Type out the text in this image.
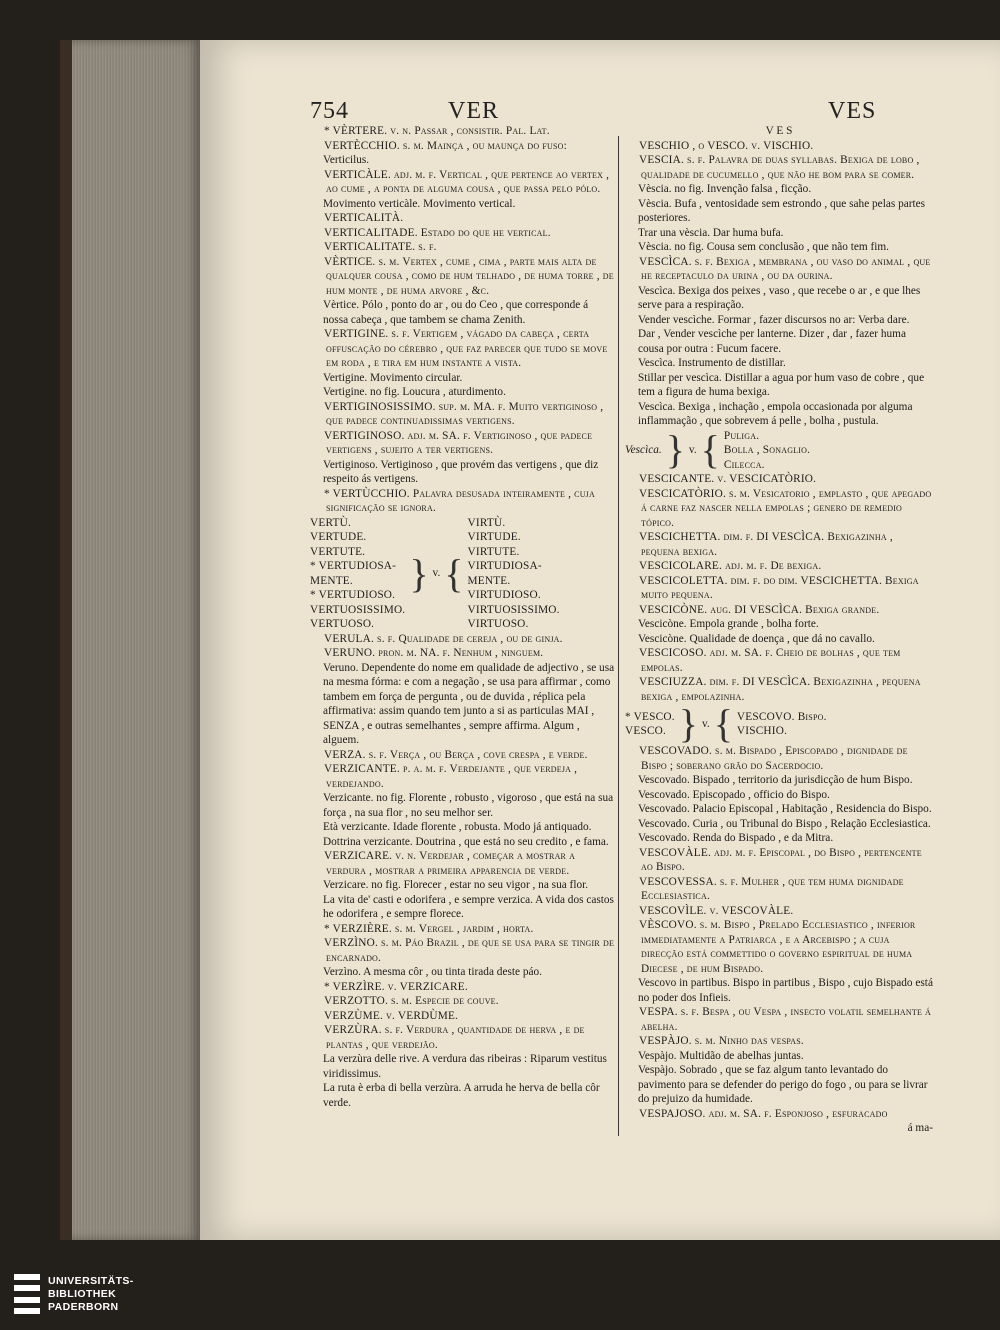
754	VER	VES

* VÈRTERE. v. n. Passar , consistir. Pal. Lat.

VERTÈCCHIO. s. m. Mainça , ou maunça do fuso:

Verticilus.

VERTICÀLE. adj. m. f. Vertical , que pertence ao vertex , ao cume , a ponta de alguma cousa , que passa pelo pólo.

Movimento verticàle. Movimento vertical.

VERTICALITÀ.

VERTICALITADE. Estado do que he vertical.

VERTICALITATE. s. f.

VÈRTICE. s. m. Vertex , cume , cima , parte mais alta de qualquer cousa , como de hum telhado , de huma torre , de hum monte , de huma arvore , &c.

Vèrtice. Pólo , ponto do ar , ou do Ceo , que corresponde á nossa cabeça , que tambem se chama Zenith.

VERTIGINE. s. f. Vertigem , vágado da cabeça , certa offuscação do cérebro , que faz parecer que tudo se move em roda , e tira em hum instante a vista.

Vertigine. Movimento circular.

Vertigine. no fig. Loucura , aturdimento.

VERTIGINOSISSIMO. sup. m. MA. f. Muito vertiginoso , que padece continuadissimas vertigens.

VERTIGINOSO. adj. m. SA. f. Vertiginoso , que padece vertigens , sujeito a ter vertigens.

Vertiginoso. Vertiginoso , que provém das vertigens , que diz respeito ás vertigens.

* VERTÙCCHIO. Palavra desusada inteiramente , cuja significação se ignora.

VERTÙ.
VERTUDE.
VERTUTE.
* VERTUDIOSA-
MENTE.
* VERTUDIOSO.
VERTUOSISSIMO.
VERTUOSO.
} v. {
VIRTÙ.
VIRTUDE.
VIRTUTE.
VIRTUDIOSA-
MENTE.
VIRTUDIOSO.
VIRTUOSISSIMO.
VIRTUOSO.

VERULA. s. f. Qualidade de cereja , ou de ginja.

VERUNO. pron. m. NA. f. Nenhum , ninguem.

Veruno. Dependente do nome em qualidade de adjectivo , se usa na mesma fórma: e com a negação , se usa para affirmar , como tambem em força de pergunta , ou de duvida , réplica pela affirmativa: assim quando tem junto a si as particulas MAI , SENZA , e outras semelhantes , sempre affirma. Algum , alguem.

VERZA. s. f. Verça , ou Berça , cove crespa , e verde.

VERZICANTE. p. a. m. f. Verdejante , que verdeja , verdejando.

Verzicante. no fig. Florente , robusto , vigoroso , que está na sua força , na sua flor , no seu melhor ser.

Età verzicante. Idade florente , robusta. Modo já antiquado.

Dottrina verzicante. Doutrina , que está no seu credito , e fama.

VERZICARE. v. n. Verdejar , começar a mostrar a verdura , mostrar a primeira apparencia de verde.

Verzicare. no fig. Florecer , estar no seu vigor , na sua flor.

La vita de' casti e odorifera , e sempre verzica. A vida dos castos he odorifera , e sempre florece.

* VERZIÈRE. s. m. Vergel , jardim , horta.

VERZÌNO. s. m. Páo Brazil , de que se usa para se tingir de encarnado.

Verzìno. A mesma côr , ou tinta tirada deste páo.

* VERZÌRE. v. VERZICARE.

VERZOTTO. s. m. Especie de couve.

VERZÙME. v. VERDÙME.

VERZÙRA. s. f. Verdura , quantidade de herva , e de plantas , que verdejão.

La verzùra delle rive. A verdura das ribeiras : Riparum vestitus viridissimus.

La ruta è erba di bella verzùra. A arruda he herva de bella côr verde.

V E S

VESCHIO , o VESCO. v. VISCHIO.

VESCIA. s. f. Palavra de duas syllabas. Bexiga de lobo , qualidade de cucumello , que não he bom para se comer.

Vèscia. no fig. Invenção falsa , ficção.

Vèscia. Bufa , ventosidade sem estrondo , que sahe pelas partes posteriores.

Trar una vèscia. Dar huma bufa.

Vèscia. no fig. Cousa sem conclusão , que não tem fim.

VESCÌCA. s. f. Bexiga , membrana , ou vaso do animal , que he receptaculo da urina , ou da ourina.

Vescìca. Bexiga dos peixes , vaso , que recebe o ar , e que lhes serve para a respiração.

Vender vescìche. Formar , fazer discursos no ar: Verba dare.

Dar , Vender vescìche per lanterne. Dizer , dar , fazer huma cousa por outra : Fucum facere.

Vescìca. Instrumento de distillar.

Stillar per vescìca. Distillar a agua por hum vaso de cobre , que tem a figura de huma bexiga.

Vescìca. Bexiga , inchação , empola occasionada por alguma inflammação , que sobrevem á pelle , bolha , pustula.

Vescìca. } v. { Puliga.
Bolla , Sonaglio.
Cilecca.

VESCICANTE. v. VESCICATÒRIO.

VESCICATÒRIO. s. m. Vesicatorio , emplasto , que apegado á carne faz nascer nella empolas ; genero de remedio tópico.

VESCICHETTA. dim. f. DI VESCÌCA. Bexigazinha , pequena bexiga.

VESCICOLARE. adj. m. f. De bexiga.

VESCICOLETTA. dim. f. do dim. VESCICHETTA. Bexiga muito pequena.

VESCICÒNE. aug. DI VESCÌCA. Bexiga grande.

Vescicòne. Empola grande , bolha forte.

Vescicòne. Qualidade de doença , que dá no cavallo.

VESCICOSO. adj. m. SA. f. Cheio de bolhas , que tem empolas.

VESCIUZZA. dim. f. DI VESCÌCA. Bexigazinha , pequena bexiga , empolazinha.

* VESCO.
VESCO. } v. { VESCOVO. Bispo.
VISCHIO.

VESCOVADO. s. m. Bispado , Episcopado , dignidade de Bispo ; soberano grão do Sacerdocio.

Vescovado. Bispado , territorio da jurisdicção de hum Bispo.

Vescovado. Episcopado , officio do Bispo.

Vescovado. Palacio Episcopal , Habitação , Residencia do Bispo.

Vescovado. Curia , ou Tribunal do Bispo , Relação Ecclesiastica.

Vescovado. Renda do Bispado , e da Mitra.

VESCOVÀLE. adj. m. f. Episcopal , do Bispo , pertencente ao Bispo.

VESCOVESSA. s. f. Mulher , que tem huma dignidade Ecclesiastica.

VESCOVÌLE. v. VESCOVÀLE.

VÈSCOVO. s. m. Bispo , Prelado Ecclesiastico , inferior immediatamente a Patriarca , e a Arcebispo ; a cuja direcção está commettido o governo espiritual de huma Diecese , de hum Bispado.

Vescovo in partibus. Bispo in partibus , Bispo , cujo Bispado está no poder dos Infieis.

VESPA. s. f. Bespa , ou Vespa , insecto volatil semelhante á abelha.

VESPÀJO. s. m. Ninho das vespas.

Vespàjo. Multidão de abelhas juntas.

Vespàjo. Sobrado , que se faz algum tanto levantado do pavimento para se defender do perigo do fogo , ou para se livrar do prejuizo da humidade.

VESPAJOSO. adj. m. SA. f. Esponjoso , esfuracado

á ma-

UNIVERSITÄTS-
BIBLIOTHEK
PADERBORN
